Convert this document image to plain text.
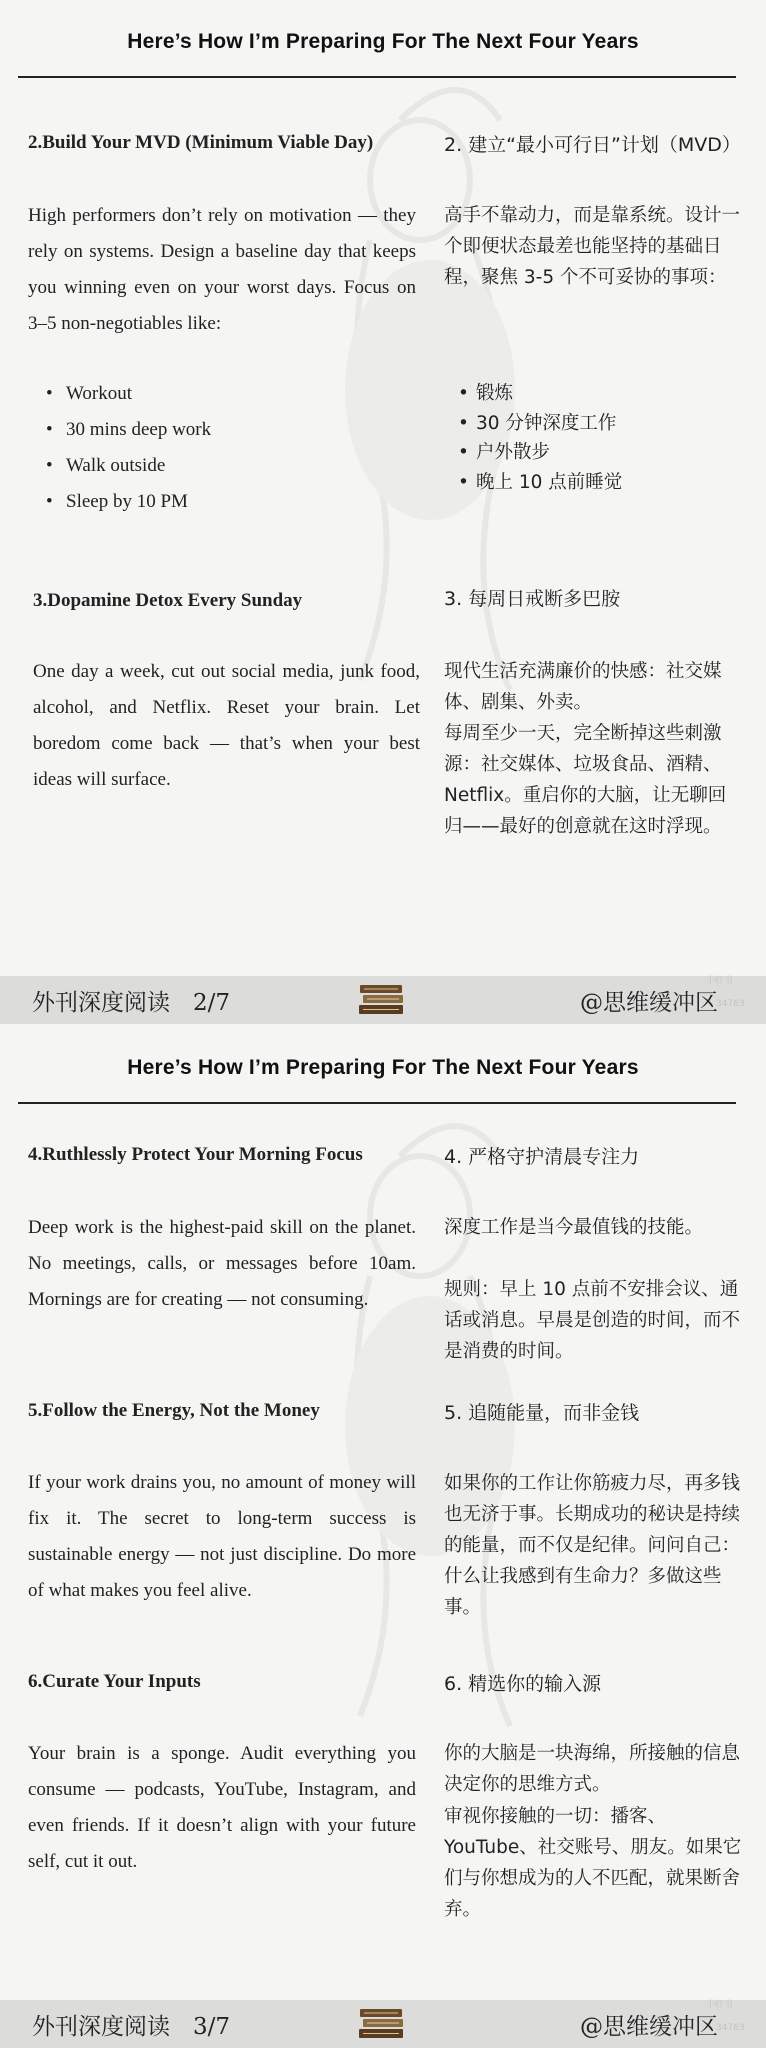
Here’s How I’m Preparing For The Next Four Years
2.Build Your MVD (Minimum Viable Day)
High performers don’t rely on motivation — they rely on systems. Design a baseline day that keeps you winning even on your worst days. Focus on 3–5 non-negotiables like:
• Workout
• 30 mins deep work
• Walk outside
• Sleep by 10 PM
2. 建立“最小可行日”计划（MVD）
高手不靠动力，而是靠系统。设计一个即便状态最差也能坚持的基础日程，聚焦 3-5 个不可妥协的事项：
• 锻炼
• 30 分钟深度工作
• 户外散步
• 晚上 10 点前睡觉
3.Dopamine Detox Every Sunday
One day a week, cut out social media, junk food, alcohol, and Netflix. Reset your brain. Let boredom come back — that’s when your best ideas will surface.
3. 每周日戒断多巴胺
现代生活充满廉价的快感：社交媒体、剧集、外卖。
每周至少一天，完全断掉这些刺激源：社交媒体、垃圾食品、酒精、Netflix。重启你的大脑，让无聊回归——最好的创意就在这时浮现。
外刊深度阅读　2/7	@思维缓冲区
小红书
34763
Here’s How I’m Preparing For The Next Four Years
4.Ruthlessly Protect Your Morning Focus
Deep work is the highest-paid skill on the planet. No meetings, calls, or messages before 10am. Mornings are for creating — not consuming.
4. 严格守护清晨专注力
深度工作是当今最值钱的技能。
规则：早上 10 点前不安排会议、通话或消息。早晨是创造的时间，而不是消费的时间。
5.Follow the Energy, Not the Money
If your work drains you, no amount of money will fix it. The secret to long-term success is sustainable energy — not just discipline. Do more of what makes you feel alive.
5. 追随能量，而非金钱
如果你的工作让你筋疲力尽，再多钱也无济于事。长期成功的秘诀是持续的能量，而不仅是纪律。问问自己：什么让我感到有生命力？多做这些事。
6.Curate Your Inputs
Your brain is a sponge. Audit everything you consume — podcasts, YouTube, Instagram, and even friends. If it doesn’t align with your future self, cut it out.
6. 精选你的输入源
你的大脑是一块海绵，所接触的信息决定你的思维方式。
审视你接触的一切：播客、YouTube、社交账号、朋友。如果它们与你想成为的人不匹配，就果断舍弃。
外刊深度阅读　3/7	@思维缓冲区
小红书
34763
